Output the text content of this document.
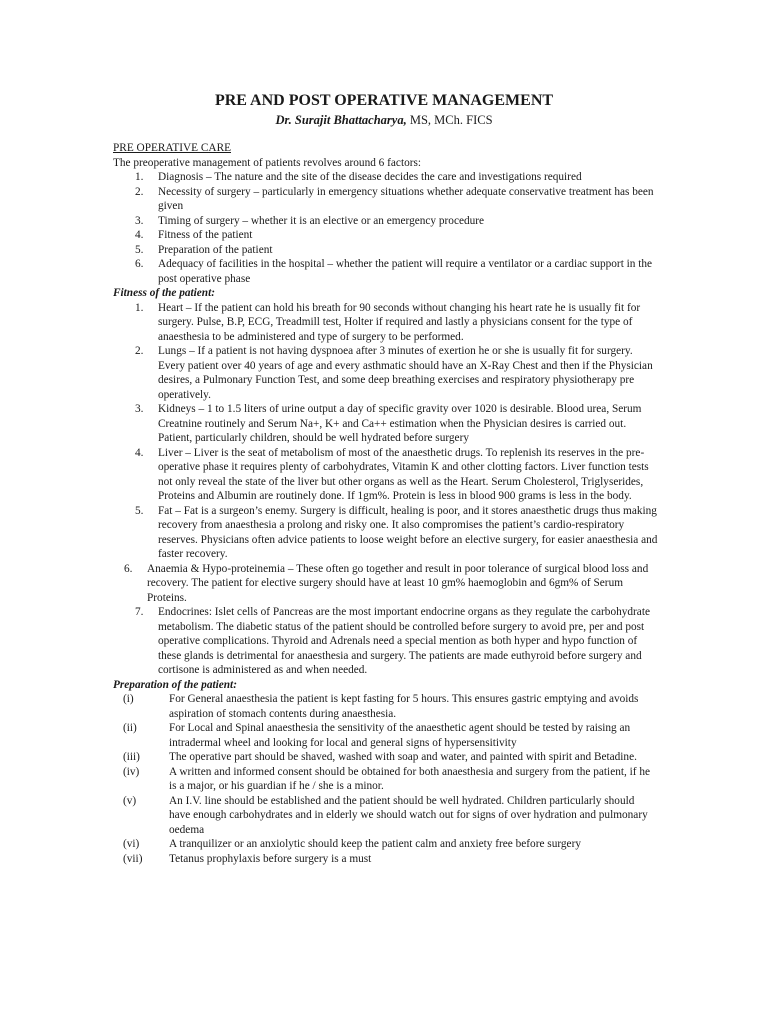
PRE AND POST OPERATIVE MANAGEMENT
Dr. Surajit Bhattacharya, MS, MCh. FICS
PRE OPERATIVE CARE

The preoperative management of patients revolves around 6 factors:

1.	Diagnosis – The nature and the site of the disease decides the care and investigations required
2.	Necessity of surgery – particularly in emergency situations whether adequate conservative treatment has been given
3.	Timing of surgery – whether it is an elective or an emergency procedure
4.	Fitness of the patient
5.	Preparation of the patient
6.	Adequacy of facilities in the hospital – whether the patient will require a ventilator or a cardiac support in the post operative phase

Fitness of the patient:

1.	Heart – If the patient can hold his breath for 90 seconds without changing his heart rate he is usually fit for surgery. Pulse, B.P, ECG, Treadmill test, Holter if required and lastly a physicians consent for the type of anaesthesia to be administered and type of surgery to be performed.
2.	Lungs – If a patient is not having dyspnoea after 3 minutes of exertion he or she is usually fit for surgery. Every patient over 40 years of age and every asthmatic should have an X-Ray Chest and then if the Physician desires, a Pulmonary Function Test, and some deep breathing exercises and respiratory physiotherapy pre operatively.
3.	Kidneys – 1 to 1.5 liters of urine output a day of specific gravity over 1020 is desirable. Blood urea, Serum Creatnine routinely and Serum Na+, K+ and Ca++ estimation when the Physician desires is carried out. Patient, particularly children, should be well hydrated before surgery
4.	Liver – Liver is the seat of metabolism of most of the anaesthetic drugs. To replenish its reserves in the pre-operative phase it requires plenty of carbohydrates, Vitamin K and other clotting factors. Liver function tests not only reveal the state of the liver but other organs as well as the Heart. Serum Cholesterol, Triglyserides, Proteins and Albumin are routinely done. If 1gm%. Protein is less in blood 900 grams is less in the body.
5.	Fat – Fat is a surgeon’s enemy. Surgery is difficult, healing is poor, and it stores anaesthetic drugs thus making recovery from anaesthesia a prolong and risky one. It also compromises the patient’s cardio-respiratory reserves. Physicians often advice patients to loose weight before an elective surgery, for easier anaesthesia and faster recovery.
6.	Anaemia & Hypo-proteinemia – These often go together and result in poor tolerance of surgical blood loss and recovery. The patient for elective surgery should have at least 10 gm% haemoglobin and 6gm% of Serum Proteins.
7.	Endocrines: Islet cells of Pancreas are the most important endocrine organs as they regulate the carbohydrate metabolism. The diabetic status of the patient should be controlled before surgery to avoid pre, per and post operative complications. Thyroid and Adrenals need a special mention as both hyper and hypo function of these glands is detrimental for anaesthesia and surgery. The patients are made euthyroid before surgery and cortisone is administered as and when needed.

Preparation of the patient:

(i)	For General anaesthesia the patient is kept fasting for 5 hours. This ensures gastric emptying and avoids aspiration of stomach contents during anaesthesia.
(ii)	For Local and Spinal anaesthesia the sensitivity of the anaesthetic agent should be tested by raising an intradermal wheel and looking for local and general signs of hypersensitivity
(iii)	The operative part should be shaved, washed with soap and water, and painted with spirit and Betadine.
(iv)	A written and informed consent should be obtained for both anaesthesia and surgery from the patient, if he is a major, or his guardian if he / she is a minor.
(v)	An I.V. line should be established and the patient should be well hydrated. Children particularly should have enough carbohydrates and in elderly we should watch out for signs of over hydration and pulmonary oedema
(vi)	A tranquilizer or an anxiolytic should keep the patient calm and anxiety free before surgery
(vii)	Tetanus prophylaxis before surgery is a must
